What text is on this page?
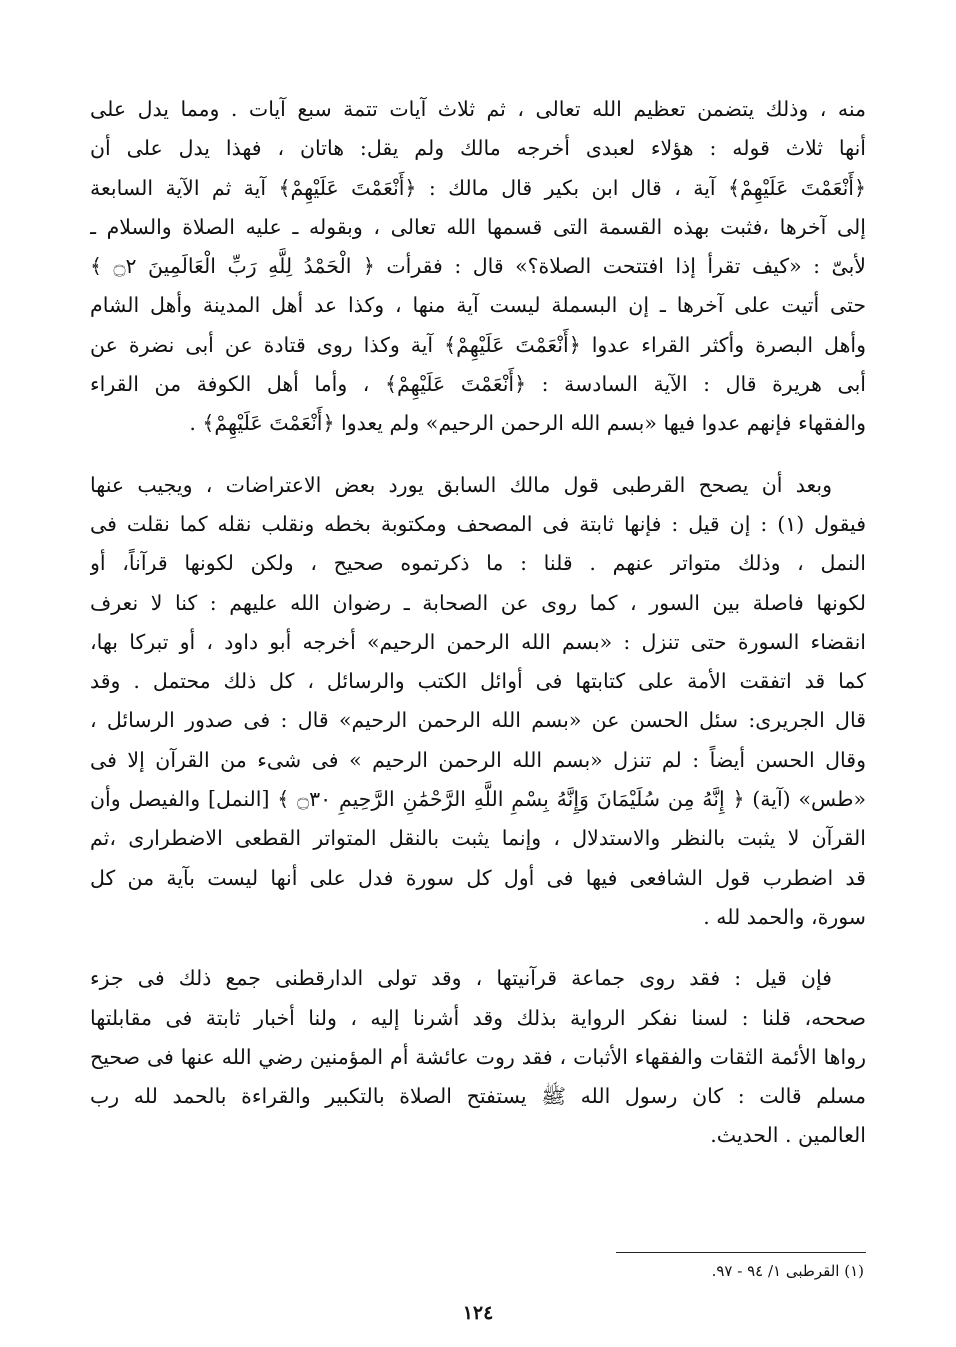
منه ، وذلك يتضمن تعظيم الله تعالى ، ثم ثلاث آيات تتمة سبع آيات . ومما يدل على
أنها ثلاث قوله : هؤلاء لعبدى أخرجه مالك ولم يقل: هاتان ، فهذا يدل على أن
﴿أَنْعَمْتَ عَلَيْهِمْ﴾ آية ، قال ابن بكير قال مالك : ﴿أَنْعَمْتَ عَلَيْهِمْ﴾ آية ثم الآية السابعة
إلى آخرها ،فثبت بهذه القسمة التى قسمها الله تعالى ، وبقوله ـ عليه الصلاة والسلام ـ
لأبىّ : «كيف تقرأ إذا افتتحت الصلاة؟» قال : فقرأت ﴿ الْحَمْدُ لِلَّهِ رَبِّ الْعَالَمِينَ ۝٢ ﴾
حتى أتيت على آخرها ـ إن البسملة ليست آية منها ، وكذا عد أهل المدينة وأهل الشام
وأهل البصرة وأكثر القراء عدوا ﴿أَنْعَمْتَ عَلَيْهِمْ﴾ آية وكذا روى قتادة عن أبى نضرة عن
أبى هريرة قال : الآية السادسة : ﴿أَنْعَمْتَ عَلَيْهِمْ﴾ ، وأما أهل الكوفة من القراء
والفقهاء فإنهم عدوا فيها «بسم الله الرحمن الرحيم» ولم يعدوا ﴿أَنْعَمْتَ عَلَيْهِمْ﴾ .
وبعد أن يصحح القرطبى قول مالك السابق يورد بعض الاعتراضات ، ويجيب عنها
فيقول (١) : إن قيل : فإنها ثابتة فى المصحف ومكتوبة بخطه ونقلب نقله كما نقلت فى
النمل ، وذلك متواتر عنهم . قلنا : ما ذكرتموه صحيح ، ولكن لكونها قرآناً، أو
لكونها فاصلة بين السور ، كما روى عن الصحابة ـ رضوان الله عليهم : كنا لا نعرف
انقضاء السورة حتى تنزل : «بسم الله الرحمن الرحيم» أخرجه أبو داود ، أو تبركا بها،
كما قد اتفقت الأمة على كتابتها فى أوائل الكتب والرسائل ، كل ذلك محتمل . وقد
قال الجريرى: سئل الحسن عن «بسم الله الرحمن الرحيم» قال : فى صدور الرسائل ،
وقال الحسن أيضاً : لم تنزل «بسم الله الرحمن الرحيم » فى شىء من القرآن إلا فى
«طس» (آية) ﴿ إِنَّهُ مِن سُلَيْمَانَ وَإِنَّهُ بِسْمِ اللَّهِ الرَّحْمَٰنِ الرَّحِيمِ ۝٣٠ ﴾ [النمل] والفيصل وأن
القرآن لا يثبت بالنظر والاستدلال ، وإنما يثبت بالنقل المتواتر القطعى الاضطرارى ،ثم
قد اضطرب قول الشافعى فيها فى أول كل سورة فدل على أنها ليست بآية من كل
سورة، والحمد لله .
فإن قيل : فقد روى جماعة قرآنيتها ، وقد تولى الدارقطنى جمع ذلك فى جزء
صححه، قلنا : لسنا نفكر الرواية بذلك وقد أشرنا إليه ، ولنا أخبار ثابتة فى مقابلتها
رواها الأئمة الثقات والفقهاء الأثبات ، فقد روت عائشة أم المؤمنين رضي الله عنها فى صحيح
مسلم قالت : كان رسول الله ﷺ يستفتح الصلاة بالتكبير والقراءة بالحمد لله رب
العالمين . الحديث.
(١) القرطبى ١/ ٩٤ - ٩٧.
١٢٤
